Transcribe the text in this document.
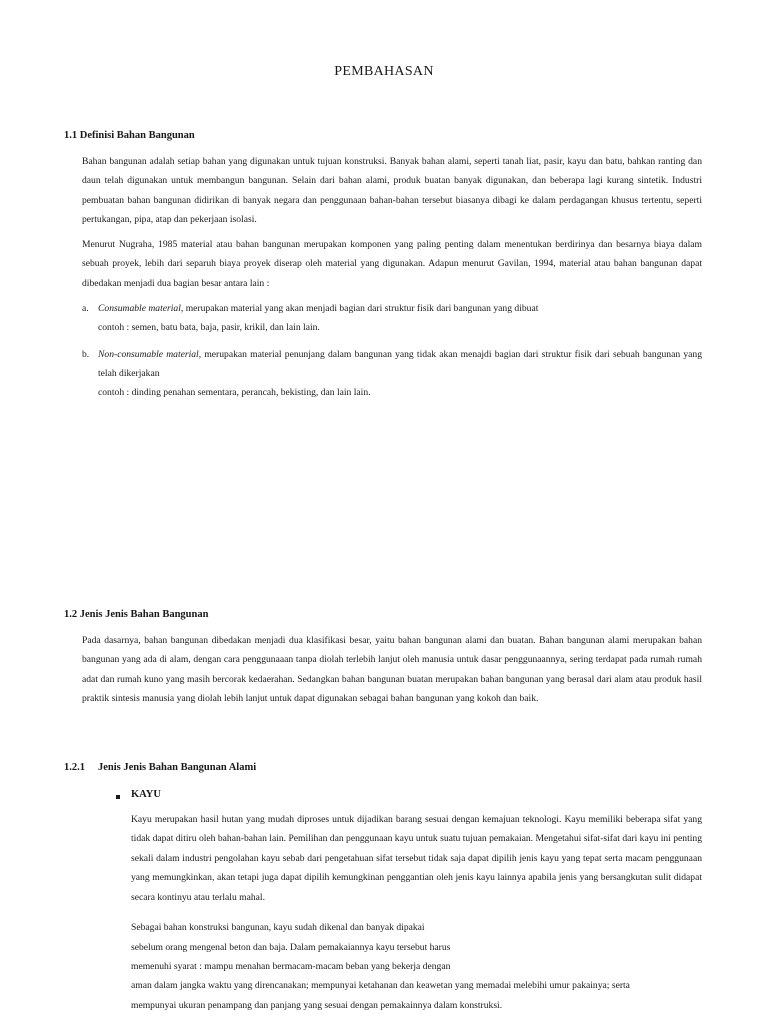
PEMBAHASAN
1.1 Definisi Bahan Bangunan
Bahan bangunan adalah setiap bahan yang digunakan untuk tujuan konstruksi. Banyak bahan alami, seperti tanah liat, pasir, kayu dan batu, bahkan ranting dan daun telah digunakan untuk membangun bangunan. Selain dari bahan alami, produk buatan banyak digunakan, dan beberapa lagi kurang sintetik. Industri pembuatan bahan bangunan didirikan di banyak negara dan penggunaan bahan-bahan tersebut biasanya dibagi ke dalam perdagangan khusus tertentu, seperti pertukangan, pipa, atap dan pekerjaan isolasi.
Menurut Nugraha, 1985 material atau bahan bangunan merupakan komponen yang paling penting dalam menentukan berdirinya dan besarnya biaya dalam sebuah proyek, lebih dari separuh biaya proyek diserap oleh material yang digunakan. Adapun menurut Gavilan, 1994, material atau bahan bangunan dapat dibedakan menjadi dua bagian besar antara lain :
a. Consumable material, merupakan material yang akan menjadi bagian dari struktur fisik dari bangunan yang dibuat
contoh : semen, batu bata, baja, pasir, krikil, dan lain lain.
b. Non-consumable material, merupakan material penunjang dalam bangunan yang tidak akan menajdi bagian dari struktur fisik dari sebuah bangunan yang telah dikerjakan
contoh : dinding penahan sementara, perancah, bekisting, dan lain lain.
1.2 Jenis Jenis Bahan Bangunan
Pada dasarnya, bahan bangunan dibedakan menjadi dua klasifikasi besar, yaitu bahan bangunan alami dan buatan. Bahan bangunan alami merupakan bahan bangunan yang ada di alam, dengan cara penggunaaan tanpa diolah terlebih lanjut oleh manusia untuk dasar penggunaannya, sering terdapat pada rumah rumah adat dan rumah kuno yang masih bercorak kedaerahan. Sedangkan bahan bangunan buatan merupakan bahan bangunan yang berasal dari alam atau produk hasil praktik sintesis manusia yang diolah lebih lanjut untuk dapat digunakan sebagai bahan bangunan yang kokoh dan baik.
1.2.1 Jenis Jenis Bahan Bangunan Alami
KAYU
Kayu merupakan hasil hutan yang mudah diproses untuk dijadikan barang sesuai dengan kemajuan teknologi. Kayu memiliki beberapa sifat yang tidak dapat ditiru oleh bahan-bahan lain. Pemilihan dan penggunaan kayu untuk suatu tujuan pemakaian. Mengetahui sifat-sifat dari kayu ini penting sekali dalam industri pengolahan kayu sebab dari pengetahuan sifat tersebut tidak saja dapat dipilih jenis kayu yang tepat serta macam penggunaan yang memungkinkan, akan tetapi juga dapat dipilih kemungkinan penggantian oleh jenis kayu lainnya apabila jenis yang bersangkutan sulit didapat secara kontinyu atau terlalu mahal.
Sebagai bahan konstruksi bangunan, kayu sudah dikenal dan banyak dipakai
sebelum orang mengenal beton dan baja. Dalam pemakaiannya kayu tersebut harus
memenuhi syarat : mampu menahan bermacam-macam beban yang bekerja dengan
aman dalam jangka waktu yang direncanakan; mempunyai ketahanan dan keawetan yang memadai melebihi umur pakainya; serta
mempunyai ukuran penampang dan panjang yang sesuai dengan pemakainnya dalam konstruksi.
